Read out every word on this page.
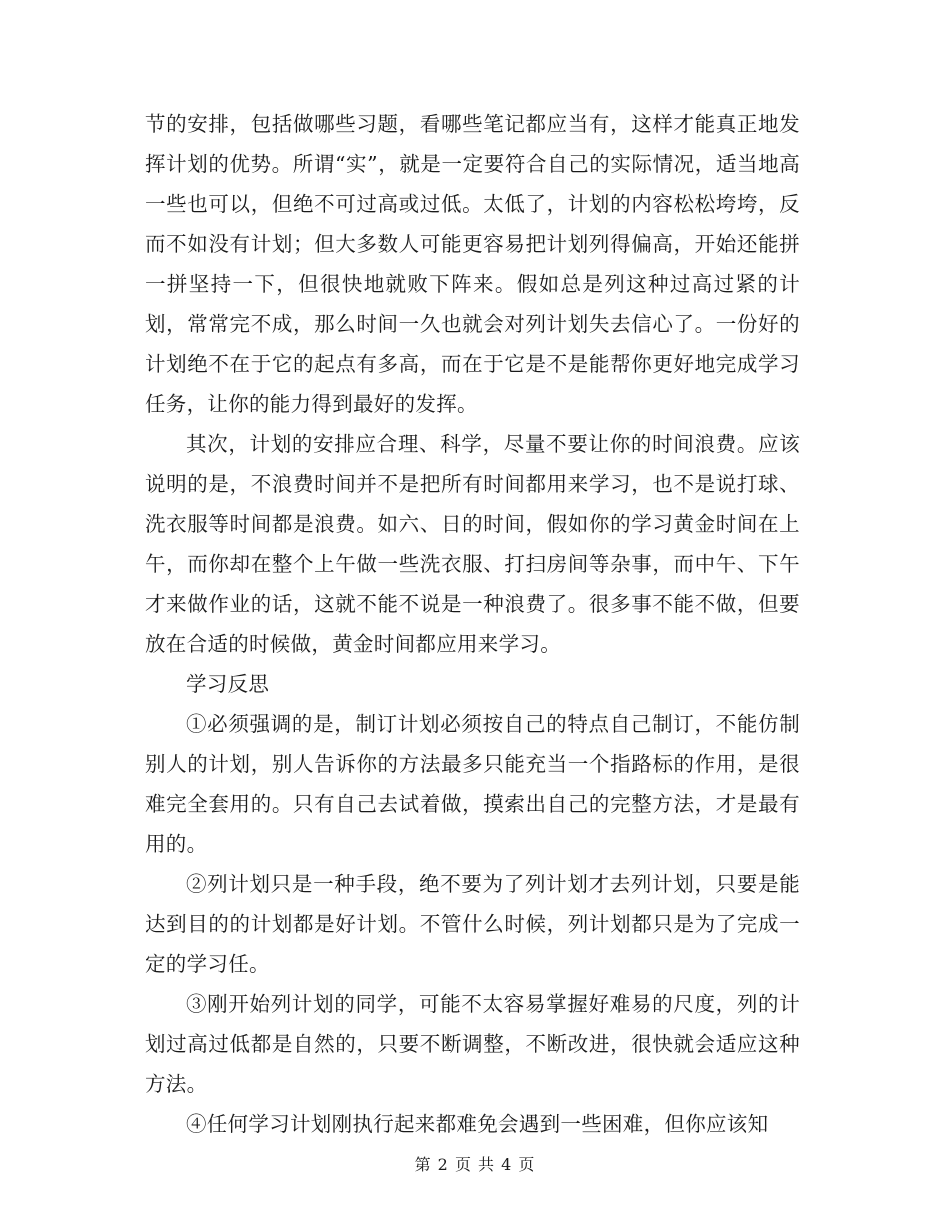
节的安排，包括做哪些习题，看哪些笔记都应当有，这样才能真正地发挥计划的优势。所谓“实”，就是一定要符合自己的实际情况，适当地高一些也可以，但绝不可过高或过低。太低了，计划的内容松松垮垮，反而不如没有计划；但大多数人可能更容易把计划列得偏高，开始还能拼一拼坚持一下，但很快地就败下阵来。假如总是列这种过高过紧的计划，常常完不成，那么时间一久也就会对列计划失去信心了。一份好的计划绝不在于它的起点有多高，而在于它是不是能帮你更好地完成学习任务，让你的能力得到最好的发挥。

其次，计划的安排应合理、科学，尽量不要让你的时间浪费。应该说明的是，不浪费时间并不是把所有时间都用来学习，也不是说打球、洗衣服等时间都是浪费。如六、日的时间，假如你的学习黄金时间在上午，而你却在整个上午做一些洗衣服、打扫房间等杂事，而中午、下午才来做作业的话，这就不能不说是一种浪费了。很多事不能不做，但要放在合适的时候做，黄金时间都应用来学习。

学习反思

①必须强调的是，制订计划必须按自己的特点自己制订，不能仿制别人的计划，别人告诉你的方法最多只能充当一个指路标的作用，是很难完全套用的。只有自己去试着做，摸索出自己的完整方法，才是最有用的。

②列计划只是一种手段，绝不要为了列计划才去列计划，只要是能达到目的的计划都是好计划。不管什么时候，列计划都只是为了完成一定的学习任。

③刚开始列计划的同学，可能不太容易掌握好难易的尺度，列的计划过高过低都是自然的，只要不断调整，不断改进，很快就会适应这种方法。

④任何学习计划刚执行起来都难免会遇到一些困难，但你应该知

第 2 页 共 4 页
